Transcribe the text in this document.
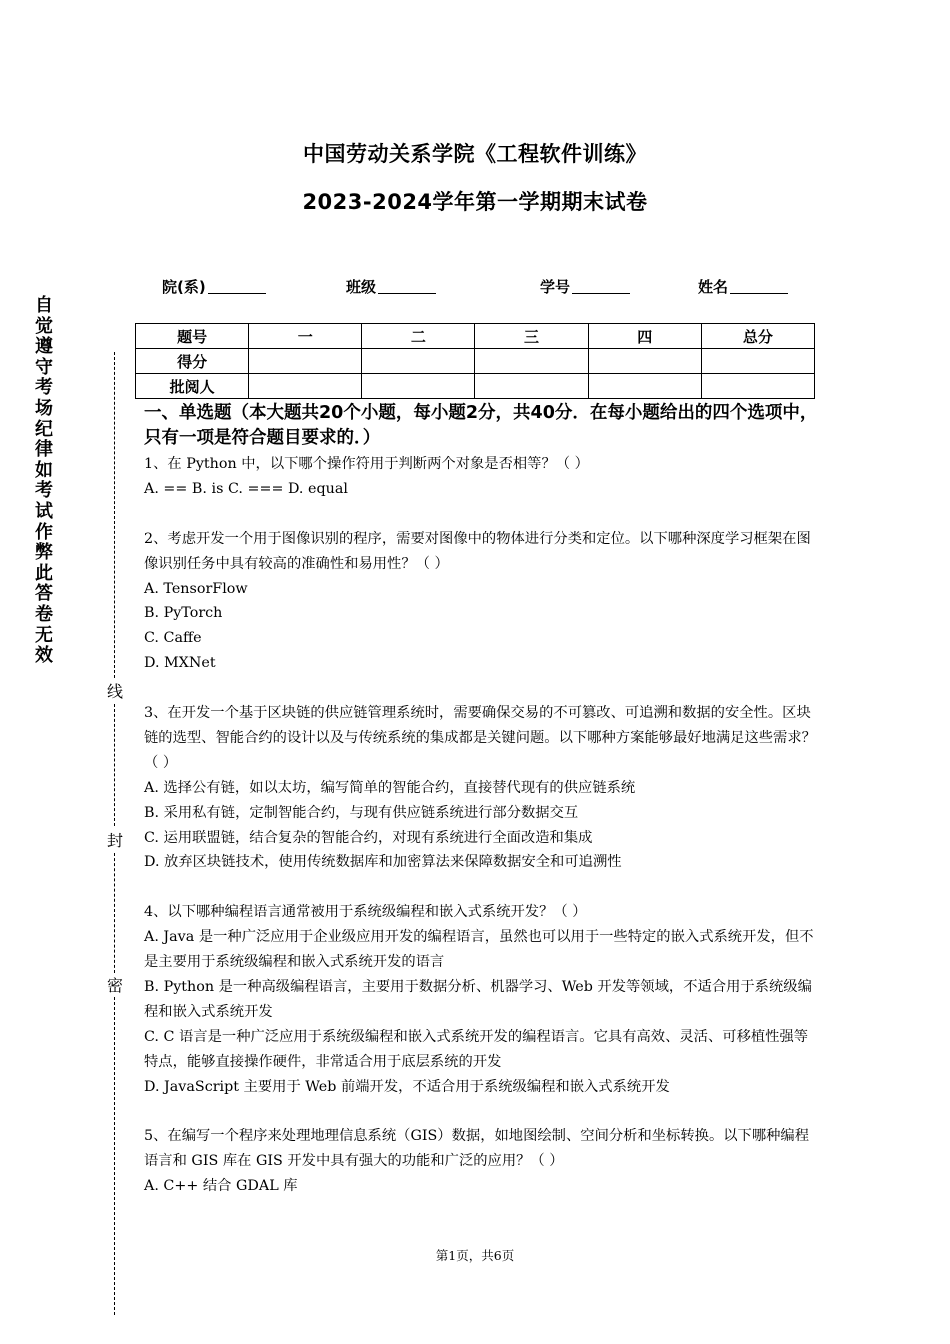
中国劳动关系学院《工程软件训练》
2023-2024学年第一学期期末试卷
自觉遵守考场纪律如考试作弊此答卷无效
线
封
密
院(系)	班级	学号	姓名
题号	一	二	三	四	总分
得分					
批阅人					
一、单选题（本大题共20个小题，每小题2分，共40分．在每小题给出的四个选项中，只有一项是符合题目要求的．）

1、在 Python 中，以下哪个操作符用于判断两个对象是否相等？（ ）

A. == B. is C. === D. equal

2、考虑开发一个用于图像识别的程序，需要对图像中的物体进行分类和定位。以下哪种深度学习框架在图像识别任务中具有较高的准确性和易用性？（ ）

A. TensorFlow

B. PyTorch

C. Caffe

D. MXNet

3、在开发一个基于区块链的供应链管理系统时，需要确保交易的不可篡改、可追溯和数据的安全性。区块链的选型、智能合约的设计以及与传统系统的集成都是关键问题。以下哪种方案能够最好地满足这些需求？（ ）

A. 选择公有链，如以太坊，编写简单的智能合约，直接替代现有的供应链系统

B. 采用私有链，定制智能合约，与现有供应链系统进行部分数据交互

C. 运用联盟链，结合复杂的智能合约，对现有系统进行全面改造和集成

D. 放弃区块链技术，使用传统数据库和加密算法来保障数据安全和可追溯性

4、以下哪种编程语言通常被用于系统级编程和嵌入式系统开发？（ ）

A. Java 是一种广泛应用于企业级应用开发的编程语言，虽然也可以用于一些特定的嵌入式系统开发，但不是主要用于系统级编程和嵌入式系统开发的语言

B. Python 是一种高级编程语言，主要用于数据分析、机器学习、Web 开发等领域，不适合用于系统级编程和嵌入式系统开发

C. C 语言是一种广泛应用于系统级编程和嵌入式系统开发的编程语言。它具有高效、灵活、可移植性强等特点，能够直接操作硬件，非常适合用于底层系统的开发

D. JavaScript 主要用于 Web 前端开发，不适合用于系统级编程和嵌入式系统开发

5、在编写一个程序来处理地理信息系统（GIS）数据，如地图绘制、空间分析和坐标转换。以下哪种编程语言和 GIS 库在 GIS 开发中具有强大的功能和广泛的应用？（ ）

A. C++ 结合 GDAL 库

第1页，共6页
